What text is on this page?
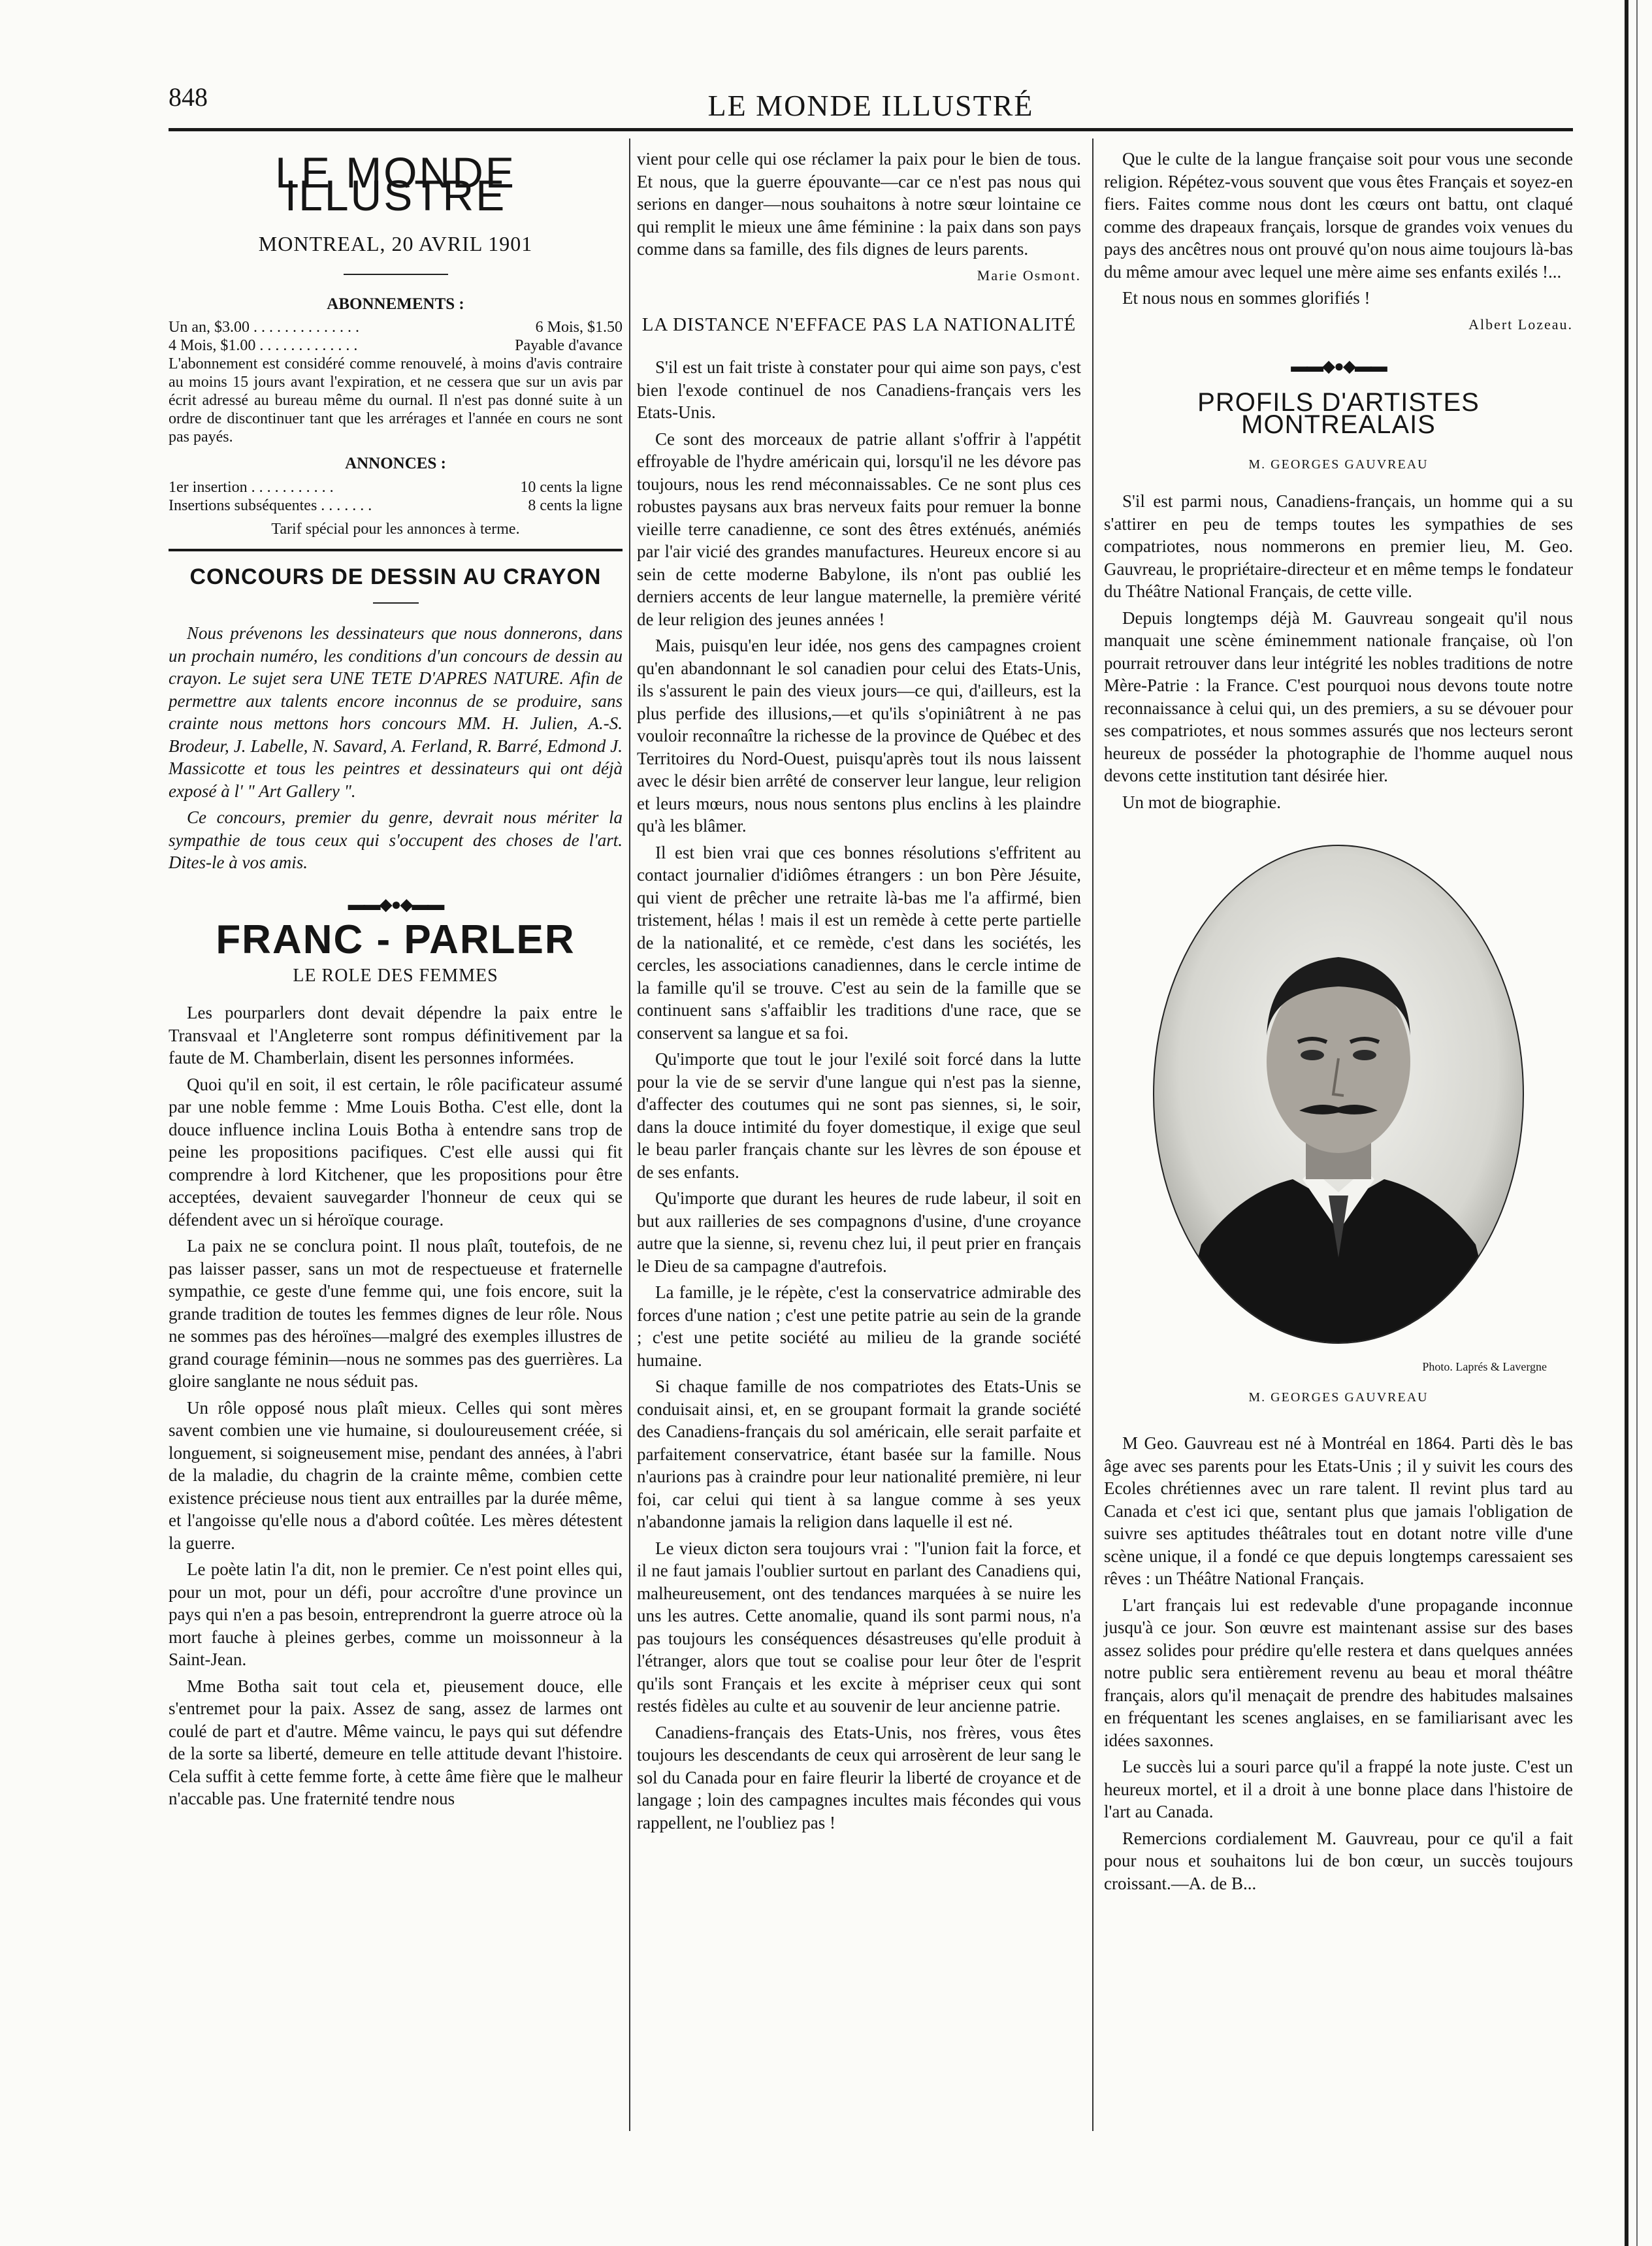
848	LE MONDE ILLUSTRÉ
LE MONDE ILLUSTRE
MONTREAL, 20 AVRIL 1901
ABONNEMENTS :
Un an, $3.00 . . . . . . . . . . . . . .	6 Mois, $1.50
4 Mois, $1.00 . . . . . . . . . . . . .	Payable d'avance
L'abonnement est considéré comme renouvelé, à moins d'avis contraire au moins 15 jours avant l'expiration, et ne cessera que sur un avis par écrit adressé au bureau même du ournal. Il n'est pas donné suite à un ordre de discontinuer tant que les arrérages et l'année en cours ne sont pas payés.
ANNONCES :
1er insertion . . . . . . . . . . .	10 cents la ligne
Insertions subséquentes . . . . . . .	8 cents la ligne
Tarif spécial pour les annonces à terme.
CONCOURS DE DESSIN AU CRAYON

Nous prévenons les dessinateurs que nous donnerons, dans un prochain numéro, les conditions d'un concours de dessin au crayon. Le sujet sera UNE TETE D'APRES NATURE. Afin de permettre aux talents encore inconnus de se produire, sans crainte nous mettons hors concours MM. H. Julien, A.-S. Brodeur, J. Labelle, N. Savard, A. Ferland, R. Barré, Edmond J. Massicotte et tous les peintres et dessinateurs qui ont déjà exposé à l' " Art Gallery ".

Ce concours, premier du genre, devrait nous mériter la sympathie de tous ceux qui s'occupent des choses de l'art. Dites-le à vos amis.

▬▬◆●◆▬▬
FRANC - PARLER
LE ROLE DES FEMMES

Les pourparlers dont devait dépendre la paix entre le Transvaal et l'Angleterre sont rompus définitivement par la faute de M. Chamberlain, disent les personnes informées.

Quoi qu'il en soit, il est certain, le rôle pacificateur assumé par une noble femme : Mme Louis Botha. C'est elle, dont la douce influence inclina Louis Botha à entendre sans trop de peine les propositions pacifiques. C'est elle aussi qui fit comprendre à lord Kitchener, que les propositions pour être acceptées, devaient sauvegarder l'honneur de ceux qui se défendent avec un si héroïque courage.

La paix ne se conclura point. Il nous plaît, toutefois, de ne pas laisser passer, sans un mot de respectueuse et fraternelle sympathie, ce geste d'une femme qui, une fois encore, suit la grande tradition de toutes les femmes dignes de leur rôle. Nous ne sommes pas des héroïnes—malgré des exemples illustres de grand courage féminin—nous ne sommes pas des guerrières. La gloire sanglante ne nous séduit pas.

Un rôle opposé nous plaît mieux. Celles qui sont mères savent combien une vie humaine, si douloureusement créée, si longuement, si soigneusement mise, pendant des années, à l'abri de la maladie, du chagrin de la crainte même, combien cette existence précieuse nous tient aux entrailles par la durée même, et l'angoisse qu'elle nous a d'abord coûtée. Les mères détestent la guerre.

Le poète latin l'a dit, non le premier. Ce n'est point elles qui, pour un mot, pour un défi, pour accroître d'une province un pays qui n'en a pas besoin, entreprendront la guerre atroce où la mort fauche à pleines gerbes, comme un moissonneur à la Saint-Jean.

Mme Botha sait tout cela et, pieusement douce, elle s'entremet pour la paix. Assez de sang, assez de larmes ont coulé de part et d'autre. Même vaincu, le pays qui sut défendre de la sorte sa liberté, demeure en telle attitude devant l'histoire. Cela suffit à cette femme forte, à cette âme fière que le malheur n'accable pas. Une fraternité tendre nous

vient pour celle qui ose réclamer la paix pour le bien de tous. Et nous, que la guerre épouvante—car ce n'est pas nous qui serions en danger—nous souhaitons à notre sœur lointaine ce qui remplit le mieux une âme féminine : la paix dans son pays comme dans sa famille, des fils dignes de leurs parents.

Marie Osmont.
LA DISTANCE N'EFFACE PAS LA NATIONALITÉ

S'il est un fait triste à constater pour qui aime son pays, c'est bien l'exode continuel de nos Canadiens-français vers les Etats-Unis.

Ce sont des morceaux de patrie allant s'offrir à l'appétit effroyable de l'hydre américain qui, lorsqu'il ne les dévore pas toujours, nous les rend méconnaissables. Ce ne sont plus ces robustes paysans aux bras nerveux faits pour remuer la bonne vieille terre canadienne, ce sont des êtres exténués, anémiés par l'air vicié des grandes manufactures. Heureux encore si au sein de cette moderne Babylone, ils n'ont pas oublié les derniers accents de leur langue maternelle, la première vérité de leur religion des jeunes années !

Mais, puisqu'en leur idée, nos gens des campagnes croient qu'en abandonnant le sol canadien pour celui des Etats-Unis, ils s'assurent le pain des vieux jours—ce qui, d'ailleurs, est la plus perfide des illusions,—et qu'ils s'opiniâtrent à ne pas vouloir reconnaître la richesse de la province de Québec et des Territoires du Nord-Ouest, puisqu'après tout ils nous laissent avec le désir bien arrêté de conserver leur langue, leur religion et leurs mœurs, nous nous sentons plus enclins à les plaindre qu'à les blâmer.

Il est bien vrai que ces bonnes résolutions s'effritent au contact journalier d'idiômes étrangers : un bon Père Jésuite, qui vient de prêcher une retraite là-bas me l'a affirmé, bien tristement, hélas ! mais il est un remède à cette perte partielle de la nationalité, et ce remède, c'est dans les sociétés, les cercles, les associations canadiennes, dans le cercle intime de la famille qu'il se trouve. C'est au sein de la famille que se continuent sans s'affaiblir les traditions d'une race, que se conservent sa langue et sa foi.

Qu'importe que tout le jour l'exilé soit forcé dans la lutte pour la vie de se servir d'une langue qui n'est pas la sienne, d'affecter des coutumes qui ne sont pas siennes, si, le soir, dans la douce intimité du foyer domestique, il exige que seul le beau parler français chante sur les lèvres de son épouse et de ses enfants.

Qu'importe que durant les heures de rude labeur, il soit en but aux railleries de ses compagnons d'usine, d'une croyance autre que la sienne, si, revenu chez lui, il peut prier en français le Dieu de sa campagne d'autrefois.

La famille, je le répète, c'est la conservatrice admirable des forces d'une nation ; c'est une petite patrie au sein de la grande ; c'est une petite société au milieu de la grande société humaine.

Si chaque famille de nos compatriotes des Etats-Unis se conduisait ainsi, et, en se groupant formait la grande société des Canadiens-français du sol américain, elle serait parfaite et parfaitement conservatrice, étant basée sur la famille. Nous n'aurions pas à craindre pour leur nationalité première, ni leur foi, car celui qui tient à sa langue comme à ses yeux n'abandonne jamais la religion dans laquelle il est né.

Le vieux dicton sera toujours vrai : "l'union fait la force, et il ne faut jamais l'oublier surtout en parlant des Canadiens qui, malheureusement, ont des tendances marquées à se nuire les uns les autres. Cette anomalie, quand ils sont parmi nous, n'a pas toujours les conséquences désastreuses qu'elle produit à l'étranger, alors que tout se coalise pour leur ôter de l'esprit qu'ils sont Français et les excite à mépriser ceux qui sont restés fidèles au culte et au souvenir de leur ancienne patrie.

Canadiens-français des Etats-Unis, nos frères, vous êtes toujours les descendants de ceux qui arrosèrent de leur sang le sol du Canada pour en faire fleurir la liberté de croyance et de langage ; loin des campagnes incultes mais fécondes qui vous rappellent, ne l'oubliez pas !

Que le culte de la langue française soit pour vous une seconde religion. Répétez-vous souvent que vous êtes Français et soyez-en fiers. Faites comme nous dont les cœurs ont battu, ont claqué comme des drapeaux français, lorsque de grandes voix venues du pays des ancêtres nous ont prouvé qu'on nous aime toujours là-bas du même amour avec lequel une mère aime ses enfants exilés !...

Et nous nous en sommes glorifiés !

Albert Lozeau.
▬▬◆●◆▬▬
PROFILS D'ARTISTES MONTREALAIS
M. GEORGES GAUVREAU

S'il est parmi nous, Canadiens-français, un homme qui a su s'attirer en peu de temps toutes les sympathies de ses compatriotes, nous nommerons en premier lieu, M. Geo. Gauvreau, le propriétaire-directeur et en même temps le fondateur du Théâtre National Français, de cette ville.

Depuis longtemps déjà M. Gauvreau songeait qu'il nous manquait une scène éminemment nationale française, où l'on pourrait retrouver dans leur intégrité les nobles traditions de notre Mère-Patrie : la France. C'est pourquoi nous devons toute notre reconnaissance à celui qui, un des premiers, a su se dévouer pour ses compatriotes, et nous sommes assurés que nos lecteurs seront heureux de posséder la photographie de l'homme auquel nous devons cette institution tant désirée hier.

Un mot de biographie.

Photo. Laprés & Lavergne
M. GEORGES GAUVREAU

M Geo. Gauvreau est né à Montréal en 1864. Parti dès le bas âge avec ses parents pour les Etats-Unis ; il y suivit les cours des Ecoles chrétiennes avec un rare talent. Il revint plus tard au Canada et c'est ici que, sentant plus que jamais l'obligation de suivre ses aptitudes théâtrales tout en dotant notre ville d'une scène unique, il a fondé ce que depuis longtemps caressaient ses rêves : un Théâtre National Français.

L'art français lui est redevable d'une propagande inconnue jusqu'à ce jour. Son œuvre est maintenant assise sur des bases assez solides pour prédire qu'elle restera et dans quelques années notre public sera entièrement revenu au beau et moral théâtre français, alors qu'il menaçait de prendre des habitudes malsaines en fréquentant les scenes anglaises, en se familiarisant avec les idées saxonnes.

Le succès lui a souri parce qu'il a frappé la note juste. C'est un heureux mortel, et il a droit à une bonne place dans l'histoire de l'art au Canada.

Remercions cordialement M. Gauvreau, pour ce qu'il a fait pour nous et souhaitons lui de bon cœur, un succès toujours croissant.—A. de B...
